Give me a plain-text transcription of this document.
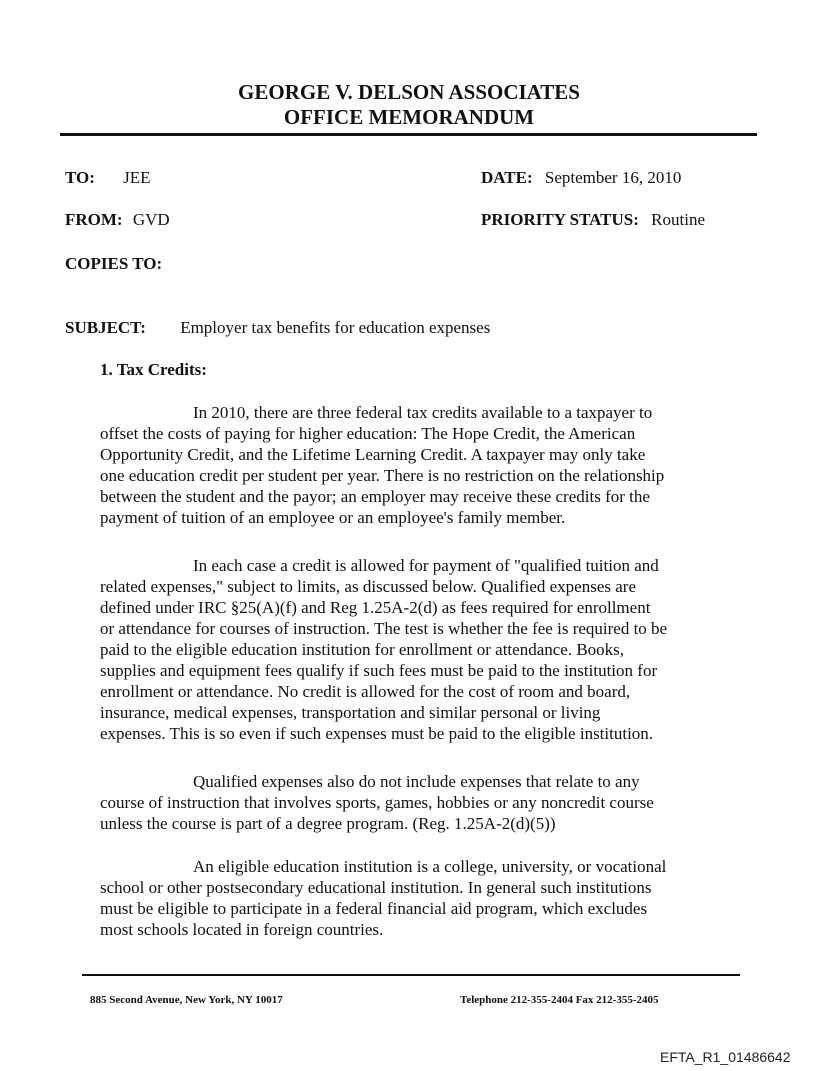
GEORGE V. DELSON ASSOCIATES
OFFICE MEMORANDUM
TO: JEE	DATE: September 16, 2010
FROM: GVD	PRIORITY STATUS: Routine
COPIES TO:
SUBJECT: Employer tax benefits for education expenses
1. Tax Credits:
In 2010, there are three federal tax credits available to a taxpayer to
offset the costs of paying for higher education: The Hope Credit, the American
Opportunity Credit, and the Lifetime Learning Credit. A taxpayer may only take
one education credit per student per year. There is no restriction on the relationship
between the student and the payor; an employer may receive these credits for the
payment of tuition of an employee or an employee's family member.
In each case a credit is allowed for payment of "qualified tuition and
related expenses," subject to limits, as discussed below. Qualified expenses are
defined under IRC §25(A)(f) and Reg 1.25A-2(d) as fees required for enrollment
or attendance for courses of instruction. The test is whether the fee is required to be
paid to the eligible education institution for enrollment or attendance. Books,
supplies and equipment fees qualify if such fees must be paid to the institution for
enrollment or attendance. No credit is allowed for the cost of room and board,
insurance, medical expenses, transportation and similar personal or living
expenses. This is so even if such expenses must be paid to the eligible institution.
Qualified expenses also do not include expenses that relate to any
course of instruction that involves sports, games, hobbies or any noncredit course
unless the course is part of a degree program. (Reg. 1.25A-2(d)(5))
An eligible education institution is a college, university, or vocational
school or other postsecondary educational institution. In general such institutions
must be eligible to participate in a federal financial aid program, which excludes
most schools located in foreign countries.
885 Second Avenue, New York, NY 10017	Telephone 212-355-2404 Fax 212-355-2405
EFTA_R1_01486642
